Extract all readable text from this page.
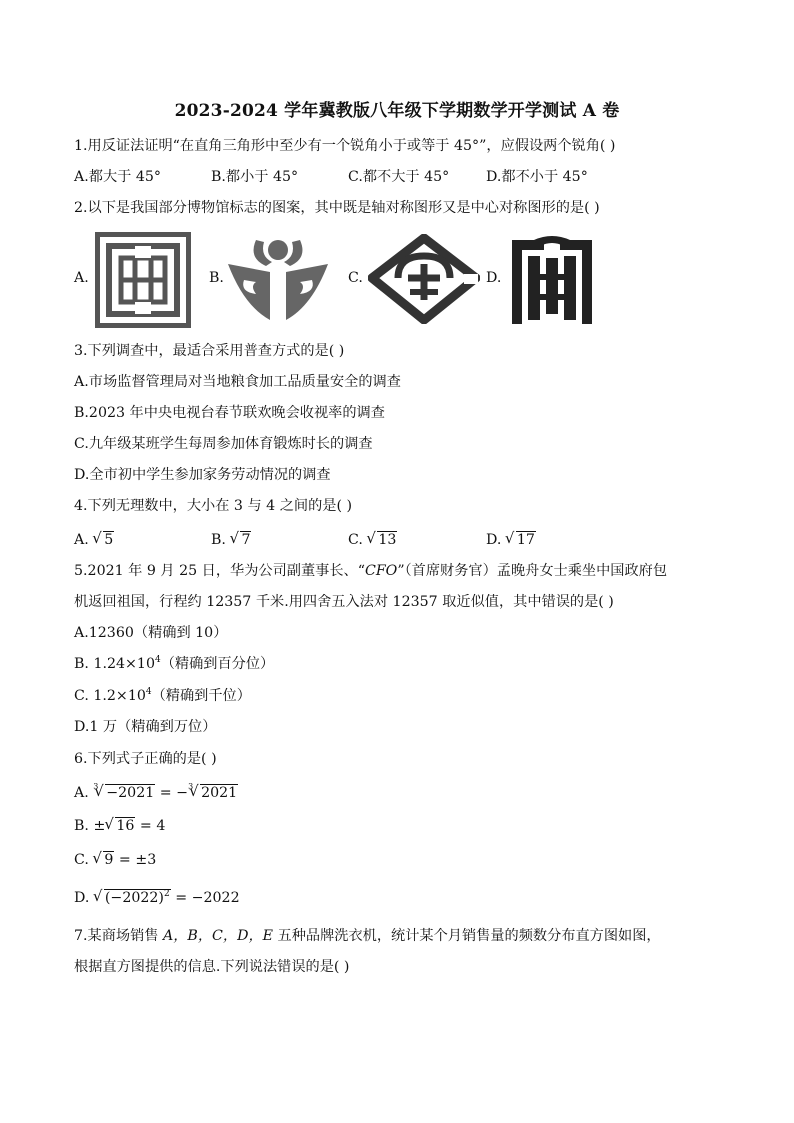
2023-2024 学年冀教版八年级下学期数学开学测试 A 卷
1.用反证法证明“在直角三角形中至少有一个锐角小于或等于 45°”，应假设两个锐角( )
A.都大于 45°	B.都小于 45°	C.都不大于 45°	D.都不小于 45°
2.以下是我国部分博物馆标志的图案，其中既是轴对称图形又是中心对称图形的是( )
A.	B.	C.	D.
3.下列调查中，最适合采用普查方式的是( )
A.市场监督管理局对当地粮食加工品质量安全的调查
B.2023 年中央电视台春节联欢晚会收视率的调查
C.九年级某班学生每周参加体育锻炼时长的调查
D.全市初中学生参加家务劳动情况的调查
4.下列无理数中，大小在 3 与 4 之间的是( )
A. √ 5	B. √ 7	C. √ 13	D. √ 17
5.2021 年 9 月 25 日，华为公司副董事长、“CFO”（首席财务官）孟晚舟女士乘坐中国政府包
机返回祖国，行程约 12357 千米.用四舍五入法对 12357 取近似值，其中错误的是( )
A.12360（精确到 10）
B. $1.24\times 10^4$（精确到百分位）
C. $1.2\times 10^4$（精确到千位）
D.1 万（精确到万位）
6.下列式子正确的是( )
A. √ 3 −2021 = − √ 3 2021
B. ± √ 16 = 4
C. √ 9 = ±3
D. √ $(-2022)^2 = -2022$
7.某商场销售 A，B，C，D，E 五种品牌洗衣机，统计某个月销售量的频数分布直方图如图，
根据直方图提供的信息.下列说法错误的是( )
